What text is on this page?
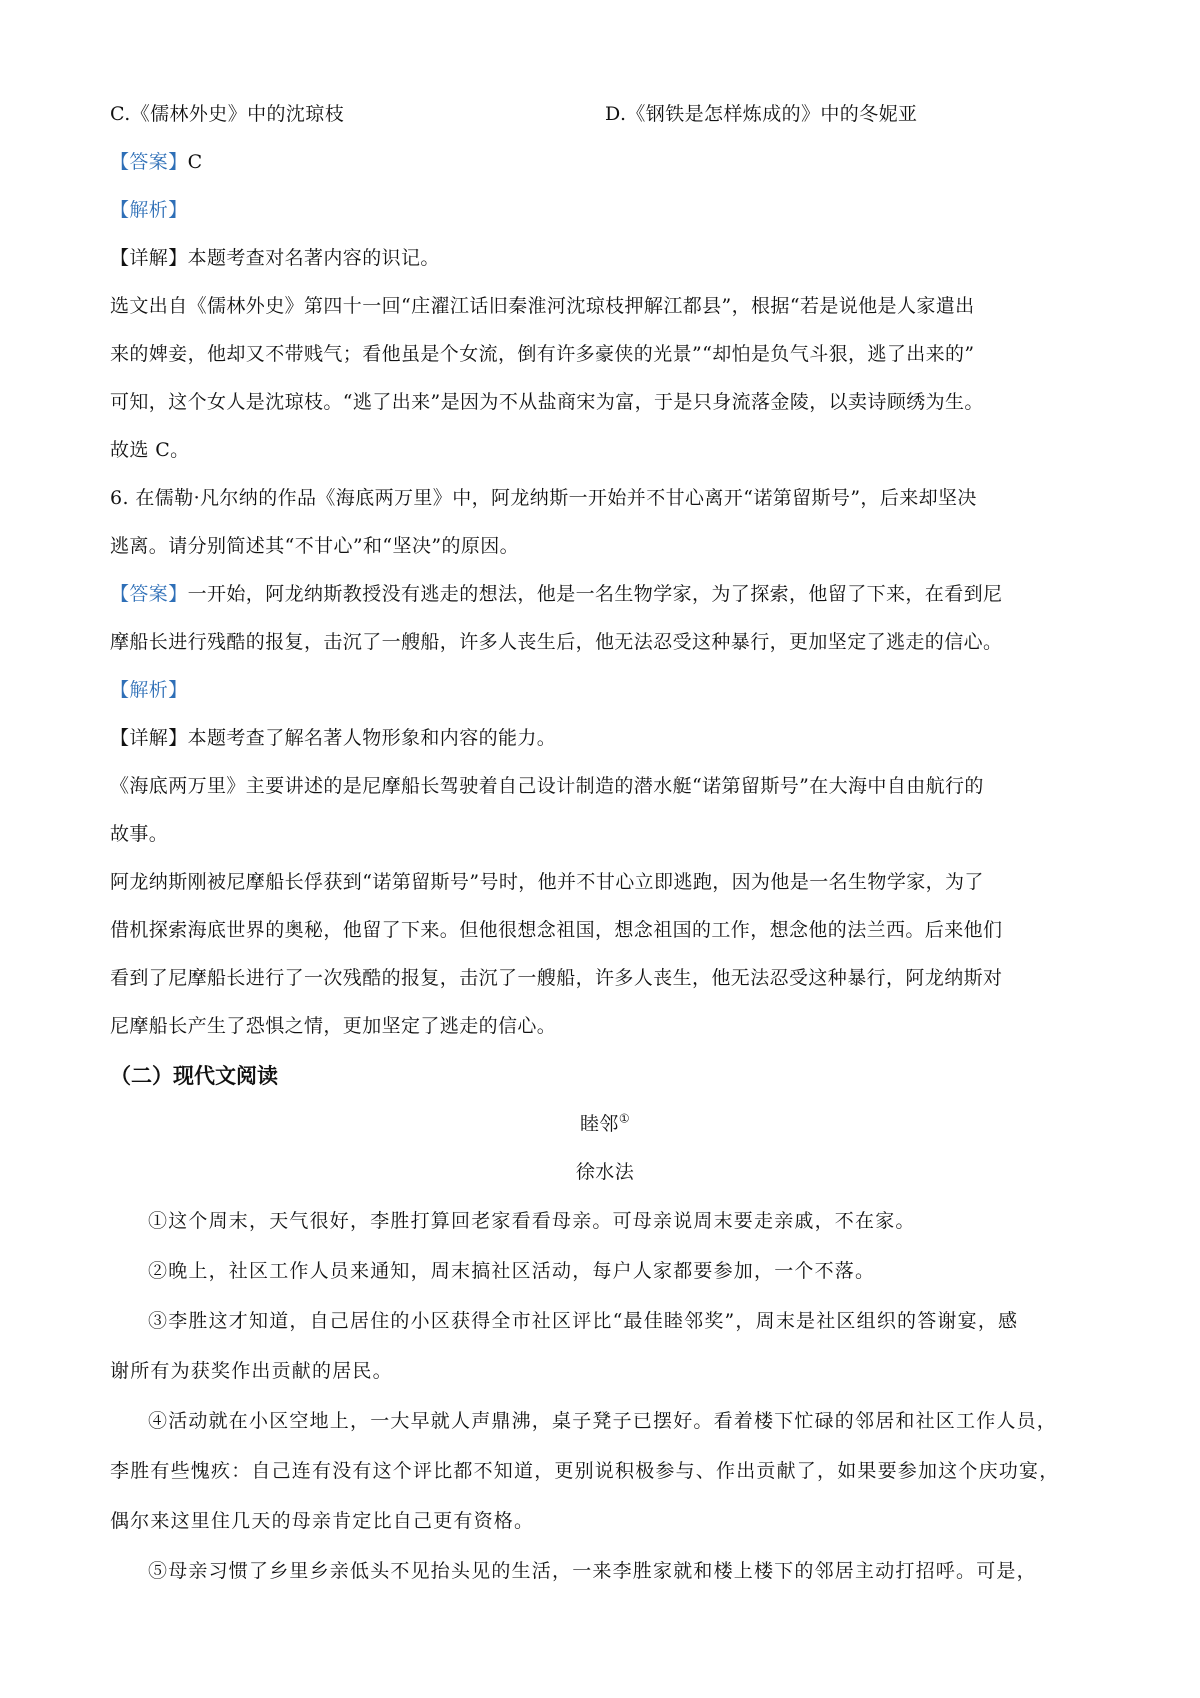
C.《儒林外史》中的沈琼枝	D.《钢铁是怎样炼成的》中的冬妮亚
【答案】C
【解析】
【详解】本题考查对名著内容的识记。
选文出自《儒林外史》第四十一回“庄濯江话旧秦淮河沈琼枝押解江都县”，根据“若是说他是人家遣出
来的婢妾，他却又不带贱气；看他虽是个女流，倒有许多豪侠的光景”“却怕是负气斗狠，逃了出来的”
可知，这个女人是沈琼枝。“逃了出来”是因为不从盐商宋为富，于是只身流落金陵，以卖诗顾绣为生。
故选 C。
6. 在儒勒·凡尔纳的作品《海底两万里》中，阿龙纳斯一开始并不甘心离开“诺第留斯号”，后来却坚决
逃离。请分别简述其“不甘心”和“坚决”的原因。
【答案】一开始，阿龙纳斯教授没有逃走的想法，他是一名生物学家，为了探索，他留了下来，在看到尼
摩船长进行残酷的报复，击沉了一艘船，许多人丧生后，他无法忍受这种暴行，更加坚定了逃走的信心。
【解析】
【详解】本题考查了解名著人物形象和内容的能力。
《海底两万里》主要讲述的是尼摩船长驾驶着自己设计制造的潜水艇“诺第留斯号”在大海中自由航行的
故事。
阿龙纳斯刚被尼摩船长俘获到“诺第留斯号”号时，他并不甘心立即逃跑，因为他是一名生物学家，为了
借机探索海底世界的奥秘，他留了下来。但他很想念祖国，想念祖国的工作，想念他的法兰西。后来他们
看到了尼摩船长进行了一次残酷的报复，击沉了一艘船，许多人丧生，他无法忍受这种暴行，阿龙纳斯对
尼摩船长产生了恐惧之情，更加坚定了逃走的信心。
（二）现代文阅读
睦邻①
徐水法
①这个周末，天气很好，李胜打算回老家看看母亲。可母亲说周末要走亲戚，不在家。
②晚上，社区工作人员来通知，周末搞社区活动，每户人家都要参加，一个不落。
③李胜这才知道，自己居住的小区获得全市社区评比“最佳睦邻奖”，周末是社区组织的答谢宴，感
谢所有为获奖作出贡献的居民。
④活动就在小区空地上，一大早就人声鼎沸，桌子凳子已摆好。看着楼下忙碌的邻居和社区工作人员，
李胜有些愧疚：自己连有没有这个评比都不知道，更别说积极参与、作出贡献了，如果要参加这个庆功宴，
偶尔来这里住几天的母亲肯定比自己更有资格。
⑤母亲习惯了乡里乡亲低头不见抬头见的生活，一来李胜家就和楼上楼下的邻居主动打招呼。可是，
